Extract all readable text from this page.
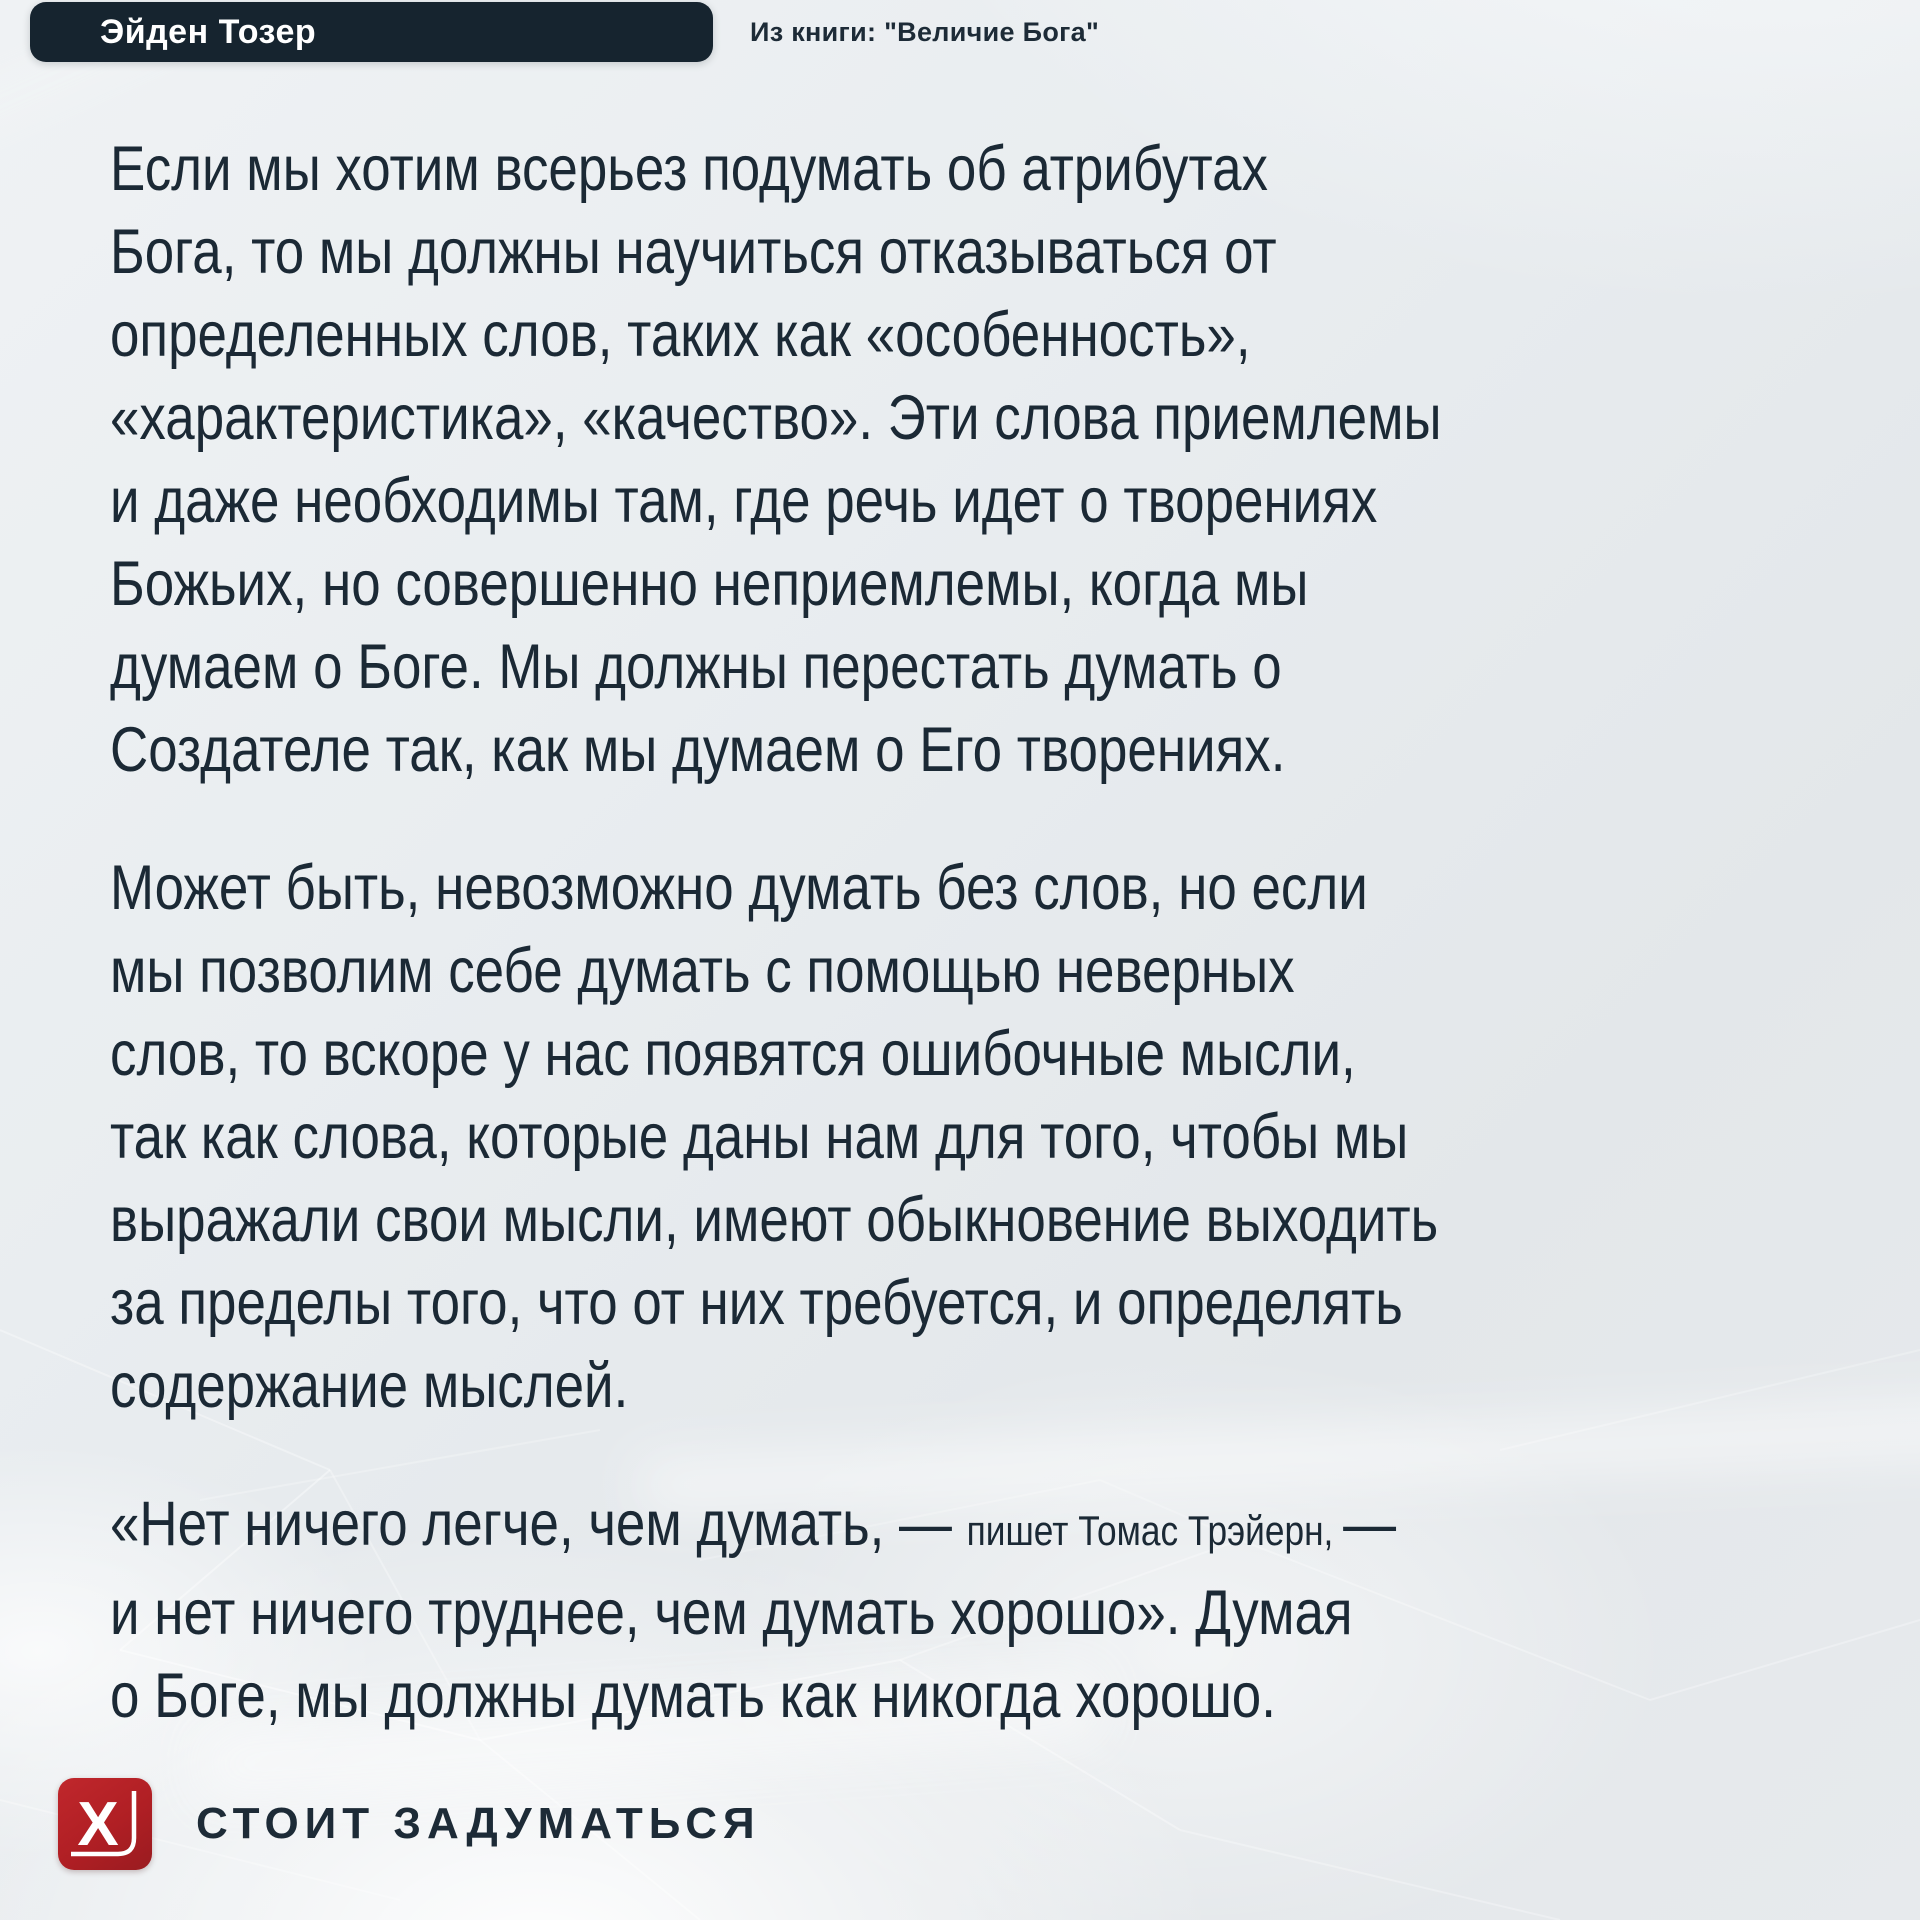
Эйден Тозер	Из книги: "Величие Бога"
Если мы хотим всерьез подумать об атрибутах
Бога, то мы должны научиться отказываться от
определенных слов, таких как «особенность»,
«характеристика», «качество». Эти слова приемлемы
и даже необходимы там, где речь идет о творениях
Божьих, но совершенно неприемлемы, когда мы
думаем о Боге. Мы должны перестать думать о
Создателе так, как мы думаем о Его творениях.
Может быть, невозможно думать без слов, но если
мы позволим себе думать с помощью неверных
слов, то вскоре у нас появятся ошибочные мысли,
так как слова, которые даны нам для того, чтобы мы
выражали свои мысли, имеют обыкновение выходить
за пределы того, что от них требуется, и определять
содержание мыслей.
«Нет ничего легче, чем думать, — пишет Томас Трэйерн, —
и нет ничего труднее, чем думать хорошо». Думая
о Боге, мы должны думать как никогда хорошо.
X СТОИТ ЗАДУМАТЬСЯ
